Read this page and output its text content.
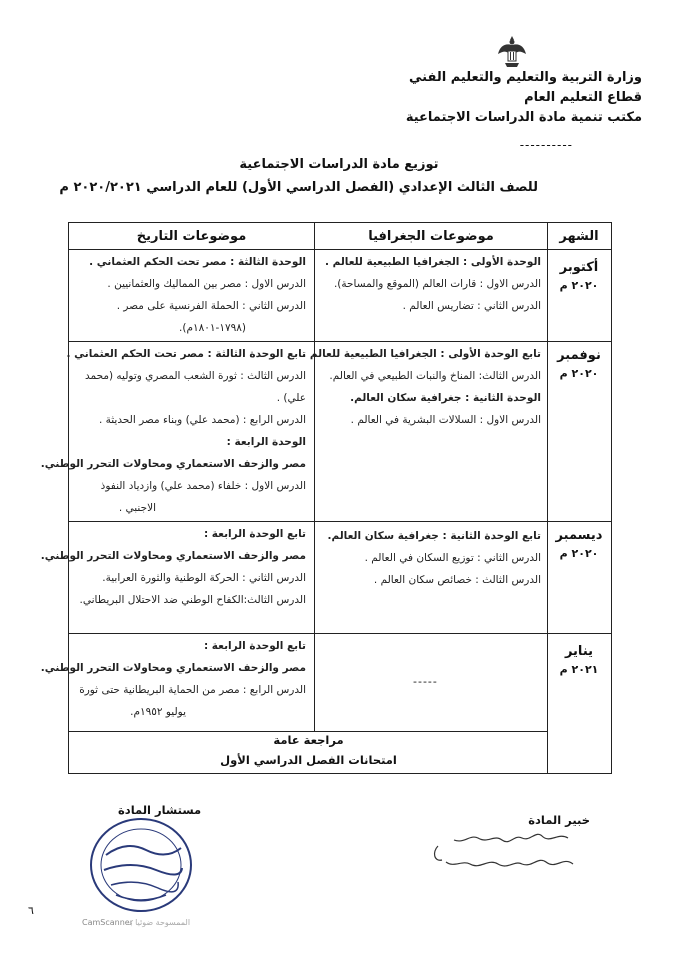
وزارة التربية والتعليم والتعليم الفني
قطاع التعليم العام
مكتب تنمية مادة الدراسات الاجتماعية
----------
توزيع مادة الدراسات الاجتماعية
للصف الثالث الإعدادي (الفصل الدراسي الأول) للعام الدراسي ٢٠٢٠/٢٠٢١ م
الشهر
موضوعات الجغرافيا
موضوعات التاريخ
أكتوبر
٢٠٢٠ م
الوحدة الأولى : الجغرافيا الطبيعية للعالم .
الدرس الاول : قارات العالم (الموقع والمساحة).
الدرس الثاني : تضاريس العالم .
الوحدة الثالثة : مصر تحت الحكم العثماني .
الدرس الاول : مصر بين المماليك والعثمانيين .
الدرس الثاني : الحملة الفرنسية على مصر .
(١٧٩٨-١٨٠١م).
نوفمبر
٢٠٢٠ م
تابع الوحدة الأولى : الجغرافيا الطبيعية للعالم .
الدرس الثالث: المناخ والنبات الطبيعي في العالم.
الوحدة الثانية : جغرافية سكان العالم.
الدرس الاول : السلالات البشرية في العالم .
تابع الوحدة الثالثة : مصر تحت الحكم العثماني .
الدرس الثالث : ثورة الشعب المصري وتوليه (محمد
علي) .
الدرس الرابع : (محمد علي) وبناء مصر الحديثة .
الوحدة الرابعة :
مصر والزحف الاستعماري ومحاولات التحرر الوطني.
الدرس الاول : خلفاء (محمد علي) وازدياد النفوذ
الاجنبي .
ديسمبر
٢٠٢٠ م
تابع الوحدة الثانية : جغرافية سكان العالم.
الدرس الثاني : توزيع السكان في العالم .
الدرس الثالث : خصائص سكان العالم .
تابع الوحدة الرابعة :
مصر والزحف الاستعماري ومحاولات التحرر الوطني.
الدرس الثاني : الحركة الوطنية والثورة العرابية.
الدرس الثالث:الكفاح الوطني ضد الاحتلال البريطاني.
يناير
٢٠٢١ م
-----
تابع الوحدة الرابعة :
مصر والزحف الاستعماري ومحاولات التحرر الوطني.
الدرس الرابع : مصر من الحماية البريطانية حتى ثورة
يوليو ١٩٥٢م.
مراجعة عامة
امتحانات الفصل الدراسي الأول
مستشار المادة
خبير المادة
٦
CamScanner
الممسوحة ضوئيا بـ
